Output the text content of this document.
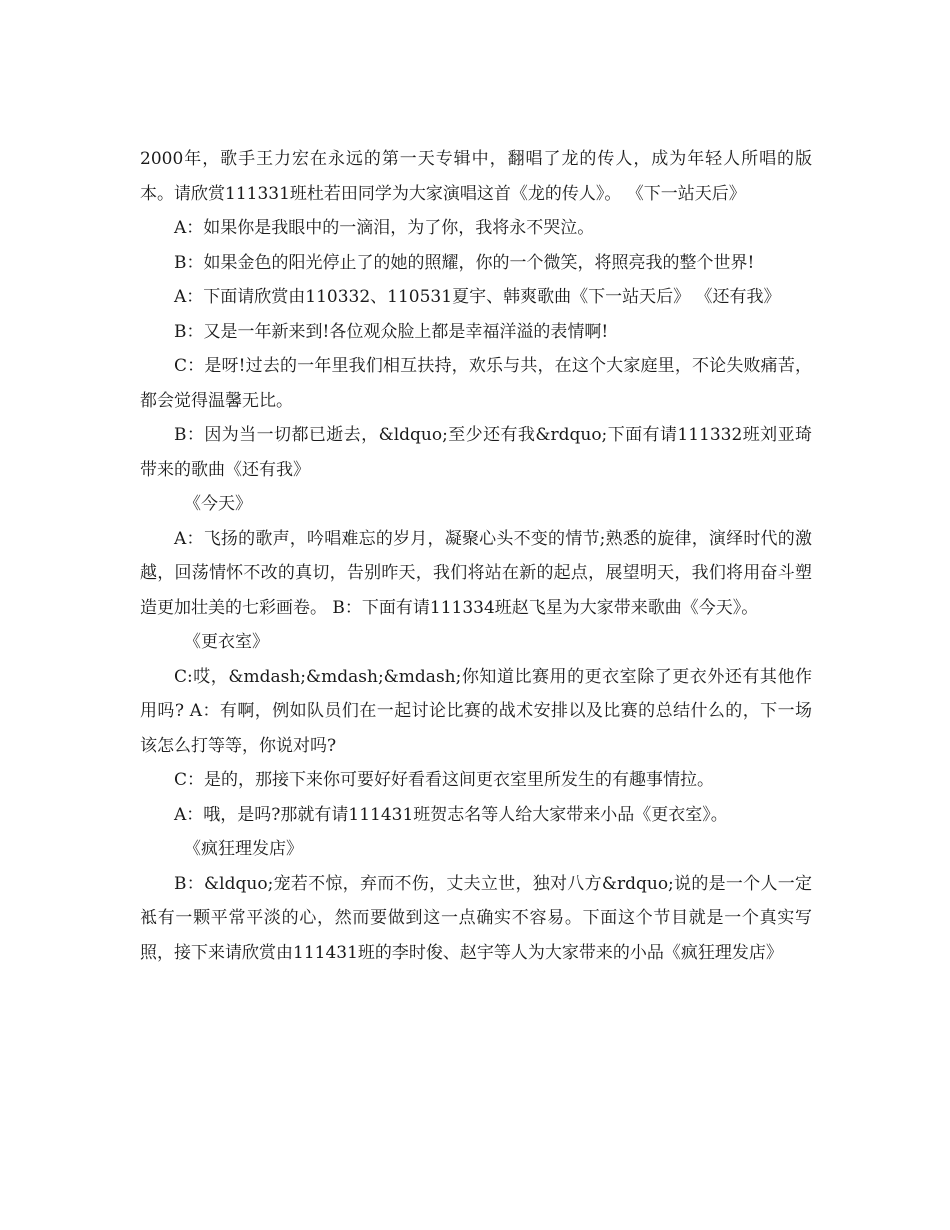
2000年，歌手王力宏在永远的第一天专辑中，翻唱了龙的传人，成为年轻人所唱的版本。请欣赏111331班杜若田同学为大家演唱这首《龙的传人》。 《下一站天后》

A：如果你是我眼中的一滴泪，为了你，我将永不哭泣。

B：如果金色的阳光停止了的她的照耀，你的一个微笑，将照亮我的整个世界!

A：下面请欣赏由110332、110531夏宇、韩爽歌曲《下一站天后》 《还有我》

B：又是一年新来到!各位观众脸上都是幸福洋溢的表情啊!

C：是呀!过去的一年里我们相互扶持，欢乐与共，在这个大家庭里，不论失败痛苦，都会觉得温馨无比。

B：因为当一切都已逝去，&ldquo;至少还有我&rdquo;下面有请111332班刘亚琦带来的歌曲《还有我》

《今天》

A：飞扬的歌声，吟唱难忘的岁月，凝聚心头不变的情节;熟悉的旋律，演绎时代的激越，回荡情怀不改的真切，告别昨天，我们将站在新的起点，展望明天，我们将用奋斗塑造更加壮美的七彩画卷。 B：下面有请111334班赵飞星为大家带来歌曲《今天》。

《更衣室》

C:哎，&mdash;&mdash;&mdash;你知道比赛用的更衣室除了更衣外还有其他作用吗? A：有啊，例如队员们在一起讨论比赛的战术安排以及比赛的总结什么的，下一场该怎么打等等，你说对吗?

C：是的，那接下来你可要好好看看这间更衣室里所发生的有趣事情拉。

A：哦，是吗?那就有请111431班贺志名等人给大家带来小品《更衣室》。

《疯狂理发店》

B：&ldquo;宠若不惊，弃而不伤，丈夫立世，独对八方&rdquo;说的是一个人一定袛有一颗平常平淡的心，然而要做到这一点确实不容易。下面这个节目就是一个真实写照，接下来请欣赏由111431班的李时俊、赵宇等人为大家带来的小品《疯狂理发店》
